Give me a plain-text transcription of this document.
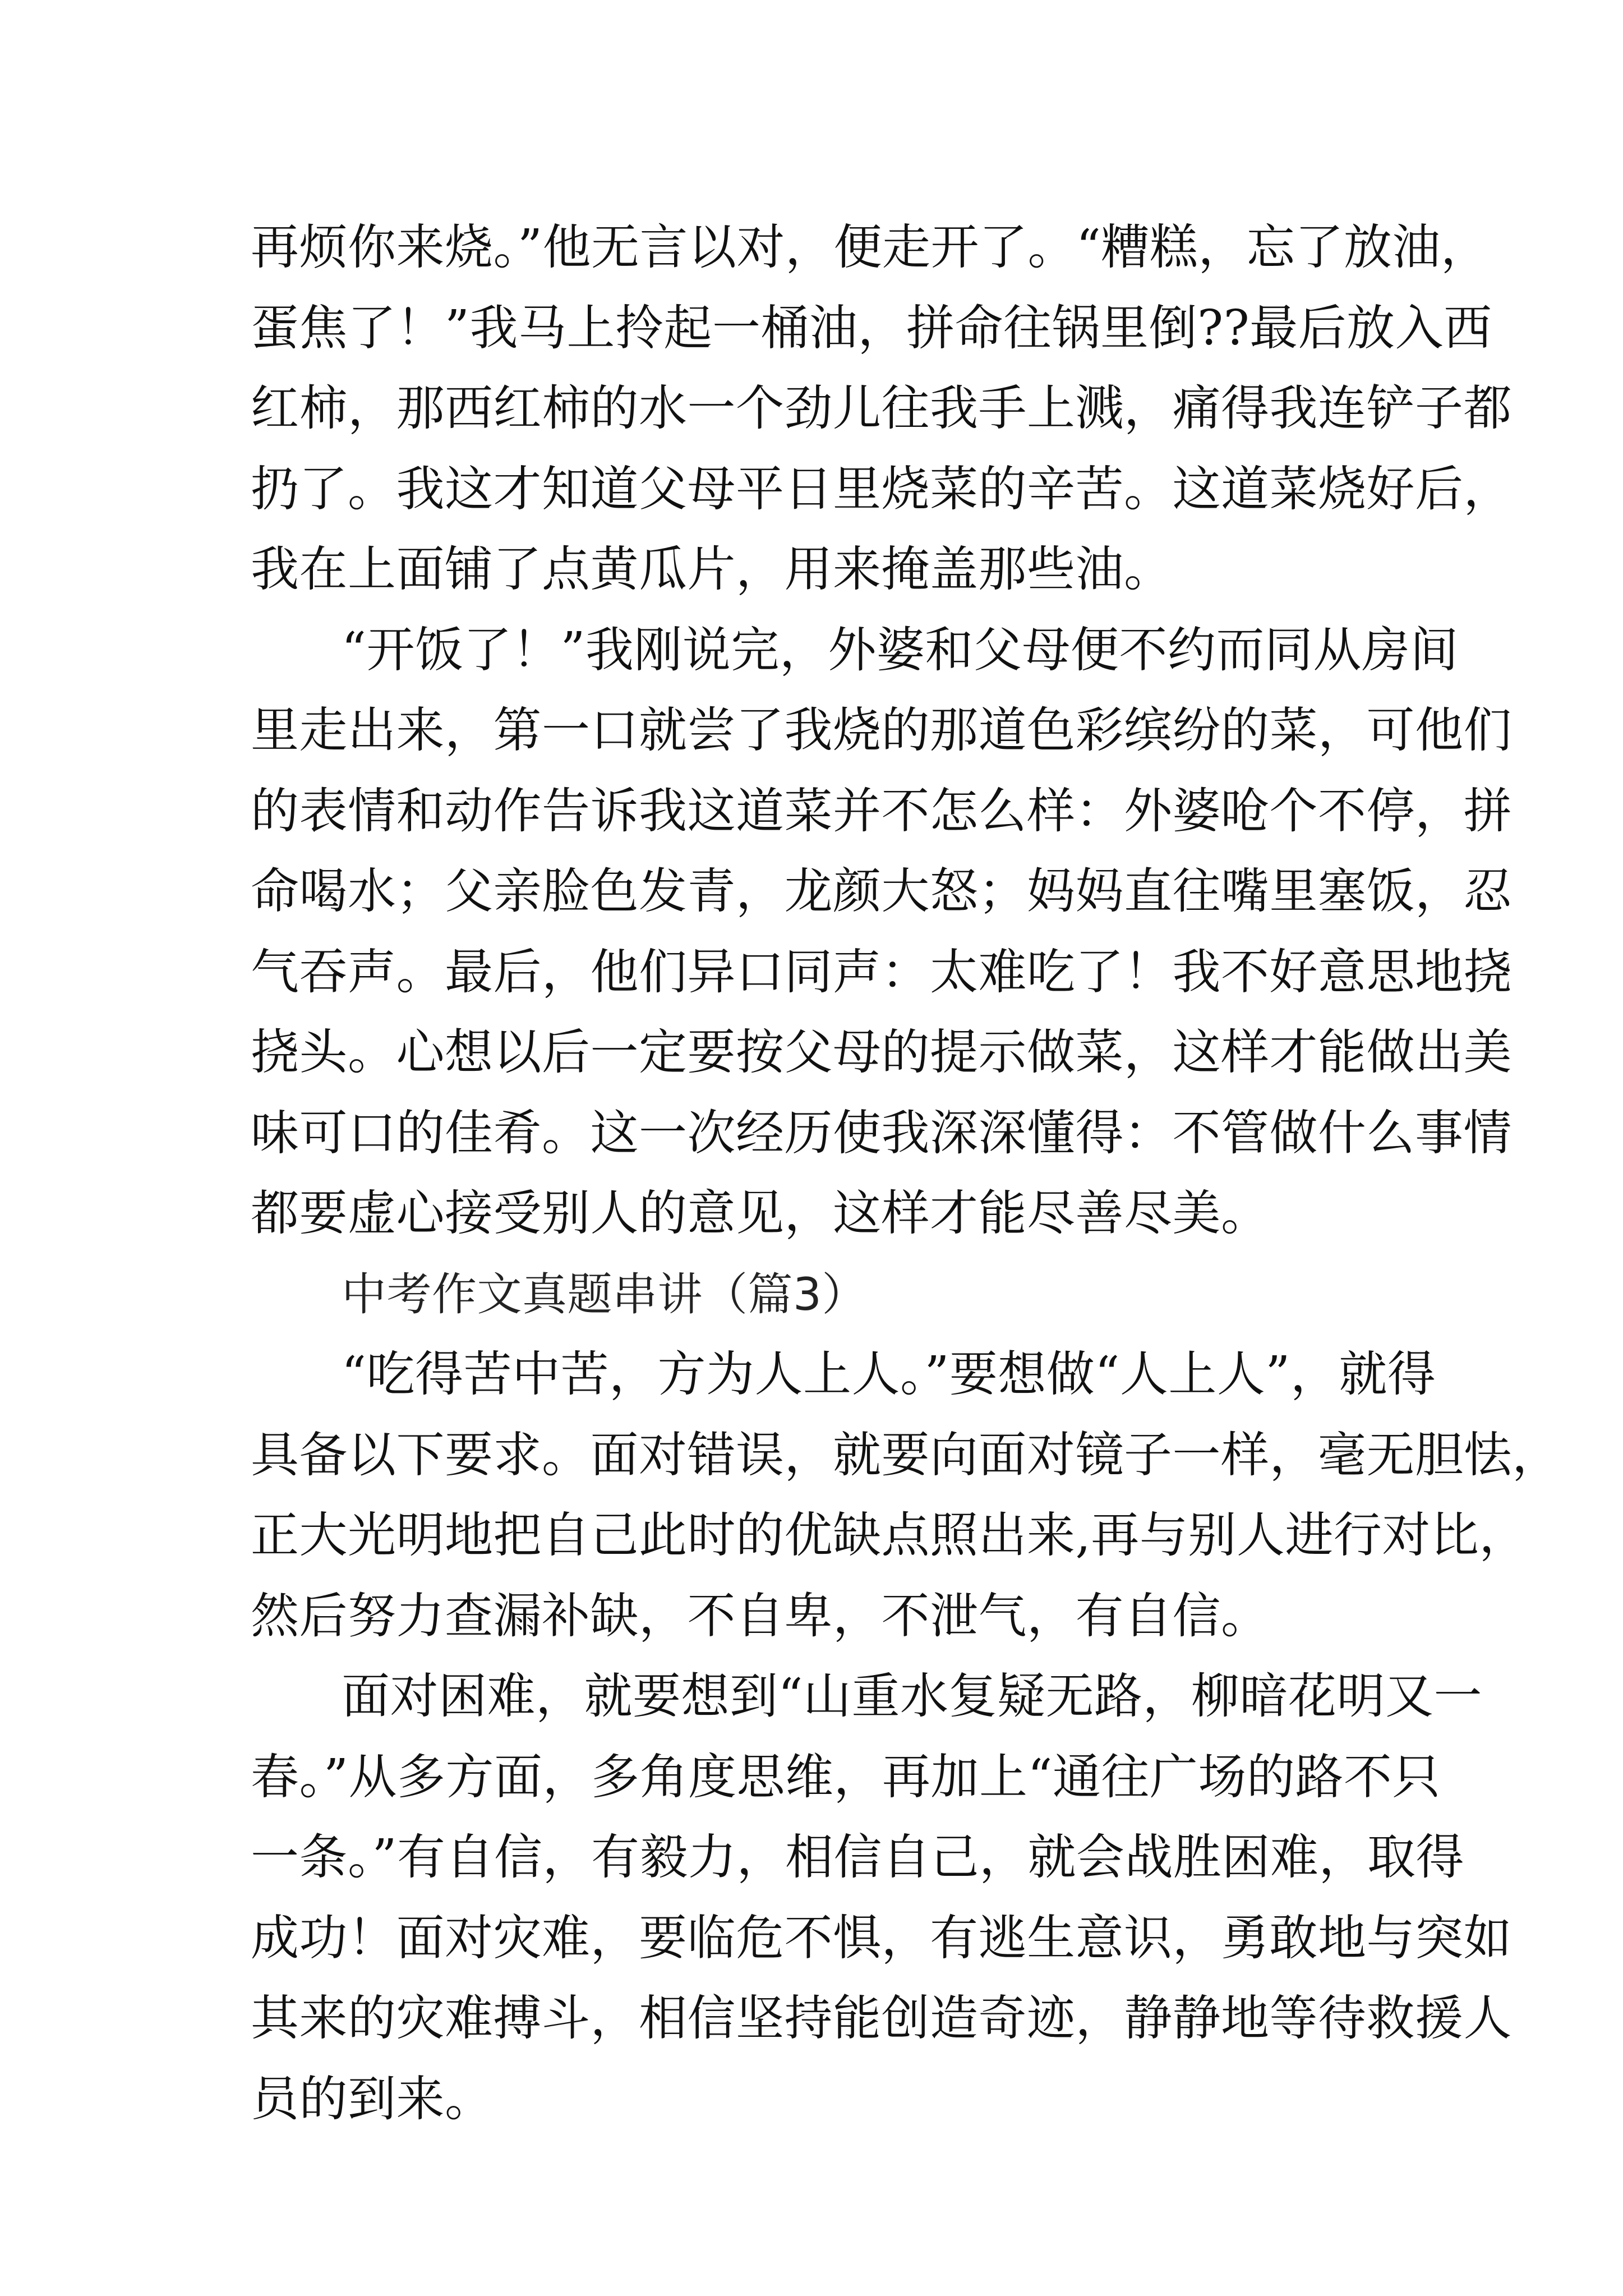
再烦你来烧。”他无言以对，便走开了。“糟糕，忘了放油，
蛋焦了！”我马上拎起一桶油，拼命往锅里倒??最后放入西
红柿，那西红柿的水一个劲儿往我手上溅，痛得我连铲子都
扔了。我这才知道父母平日里烧菜的辛苦。这道菜烧好后，
我在上面铺了点黄瓜片，用来掩盖那些油。
“开饭了！”我刚说完，外婆和父母便不约而同从房间
里走出来，第一口就尝了我烧的那道色彩缤纷的菜，可他们
的表情和动作告诉我这道菜并不怎么样：外婆呛个不停，拼
命喝水；父亲脸色发青，龙颜大怒；妈妈直往嘴里塞饭，忍
气吞声。最后，他们异口同声：太难吃了！我不好意思地挠
挠头。心想以后一定要按父母的提示做菜，这样才能做出美
味可口的佳肴。这一次经历使我深深懂得：不管做什么事情
都要虚心接受别人的意见，这样才能尽善尽美。
中考作文真题串讲（篇3）
“吃得苦中苦，方为人上人。”要想做“人上人”，就得
具备以下要求。面对错误，就要向面对镜子一样，毫无胆怯，
正大光明地把自己此时的优缺点照出来,再与别人进行对比，
然后努力查漏补缺，不自卑，不泄气，有自信。
面对困难，就要想到“山重水复疑无路，柳暗花明又一
春。”从多方面，多角度思维，再加上“通往广场的路不只
一条。”有自信，有毅力，相信自己，就会战胜困难，取得
成功！面对灾难，要临危不惧，有逃生意识，勇敢地与突如
其来的灾难搏斗，相信坚持能创造奇迹，静静地等待救援人
员的到来。
